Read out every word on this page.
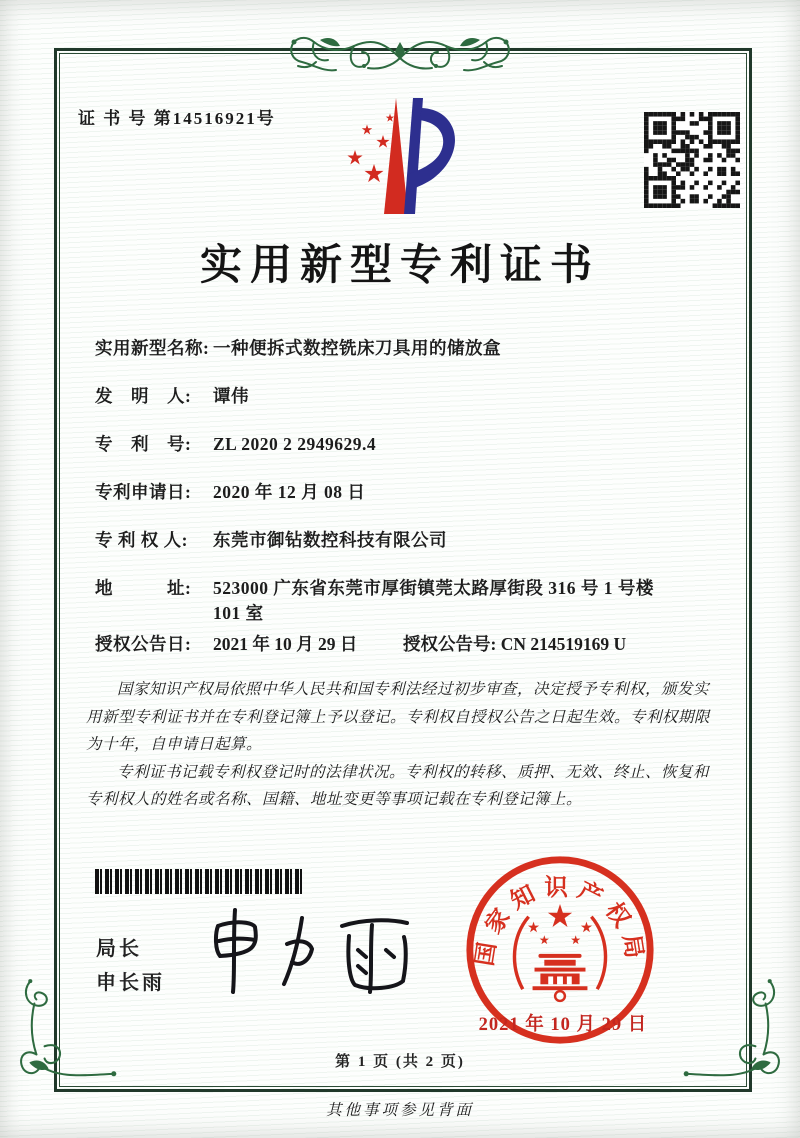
证 书 号 第14516921号
实用新型专利证书
实用新型名称: 一种便拆式数控铣床刀具用的储放盒
发　明　人:	谭伟
专　利　号:	ZL 2020 2 2949629.4
专利申请日:	2020 年 12 月 08 日
专 利 权 人:	东莞市御钻数控科技有限公司
地　　　址:	523000 广东省东莞市厚街镇莞太路厚街段 316 号 1 号楼 101 室
授权公告日:	2021 年 10 月 29 日	授权公告号: CN 214519169 U

国家知识产权局依照中华人民共和国专利法经过初步审查，决定授予专利权，颁发实用新型专利证书并在专利登记簿上予以登记。专利权自授权公告之日起生效。专利权期限为十年，自申请日起算。

专利证书记载专利权登记时的法律状况。专利权的转移、质押、无效、终止、恢复和专利权人的姓名或名称、国籍、地址变更等事项记载在专利登记簿上。

局长
申长雨
国家知识产权局
2021 年 10 月 29 日
第 1 页 (共 2 页)
其他事项参见背面
